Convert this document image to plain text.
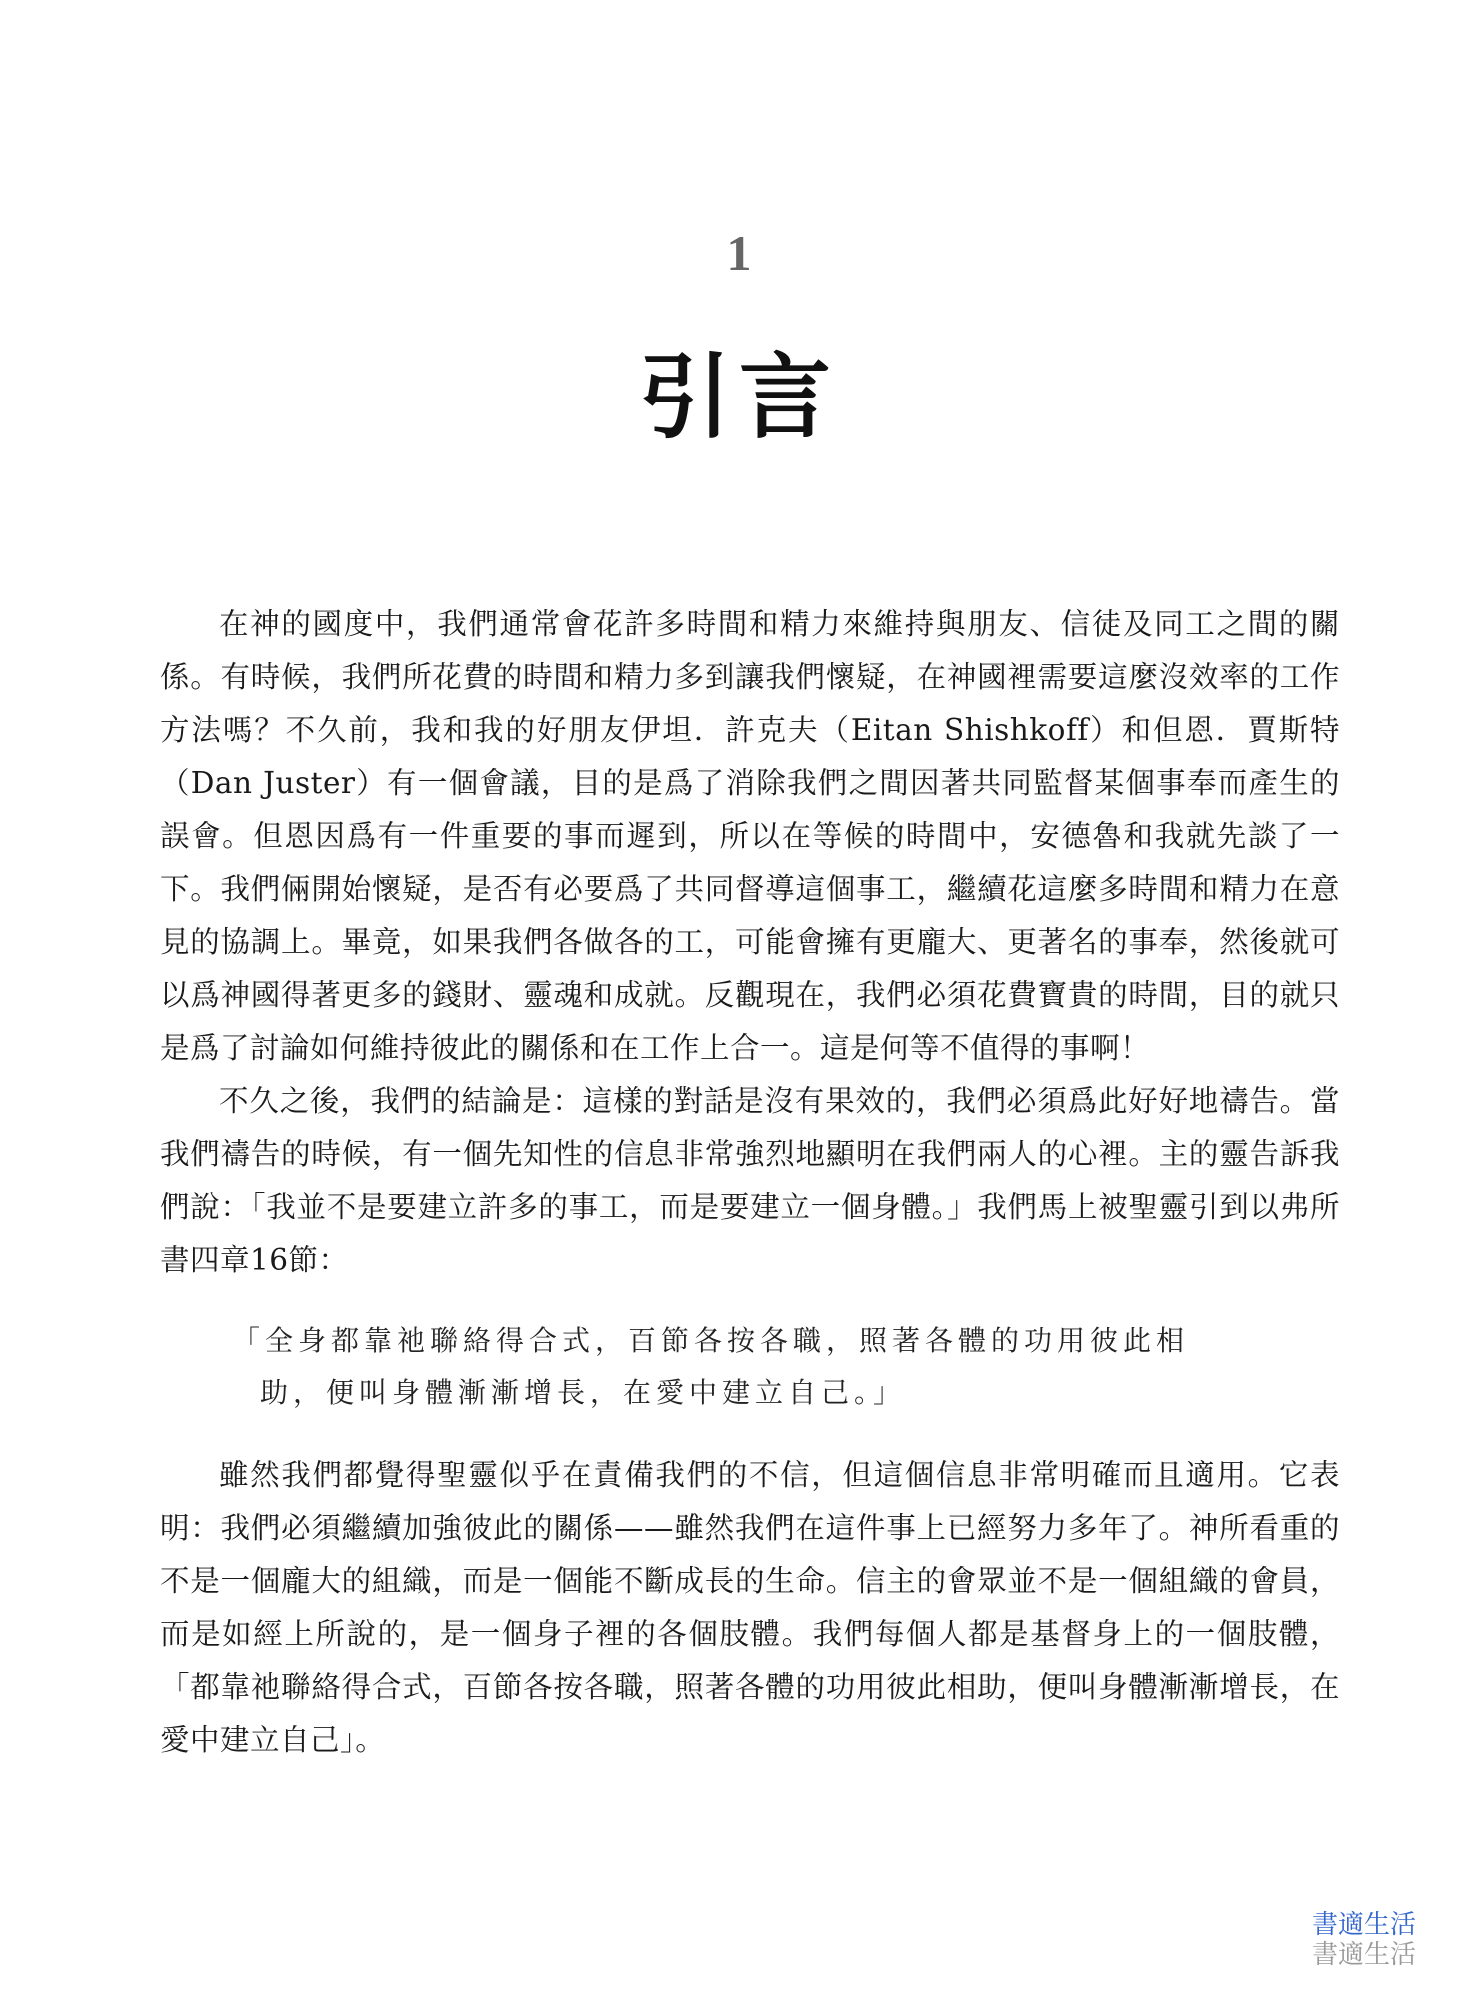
1
引言

在神的國度中，我們通常會花許多時間和精力來維持與朋友、信徒及同工之間的關係。有時候，我們所花費的時間和精力多到讓我們懷疑，在神國裡需要這麼沒效率的工作方法嗎？不久前，我和我的好朋友伊坦．許克夫（Eitan Shishkoff）和但恩．賈斯特（Dan Juster）有一個會議，目的是爲了消除我們之間因著共同監督某個事奉而產生的誤會。但恩因爲有一件重要的事而遲到，所以在等候的時間中，安德魯和我就先談了一下。我們倆開始懷疑，是否有必要爲了共同督導這個事工，繼續花這麼多時間和精力在意見的協調上。畢竟，如果我們各做各的工，可能會擁有更龐大、更著名的事奉，然後就可以爲神國得著更多的錢財、靈魂和成就。反觀現在，我們必須花費寶貴的時間，目的就只是爲了討論如何維持彼此的關係和在工作上合一。這是何等不值得的事啊！

不久之後，我們的結論是：這樣的對話是沒有果效的，我們必須爲此好好地禱告。當我們禱告的時候，有一個先知性的信息非常強烈地顯明在我們兩人的心裡。主的靈告訴我們說：「我並不是要建立許多的事工，而是要建立一個身體。」我們馬上被聖靈引到以弗所書四章16節：

「全身都靠祂聯絡得合式，百節各按各職，照著各體的功用彼此相
助，便叫身體漸漸增長，在愛中建立自己。」

雖然我們都覺得聖靈似乎在責備我們的不信，但這個信息非常明確而且適用。它表明：我們必須繼續加強彼此的關係——雖然我們在這件事上已經努力多年了。神所看重的不是一個龐大的組織，而是一個能不斷成長的生命。信主的會眾並不是一個組織的會員，而是如經上所說的，是一個身子裡的各個肢體。我們每個人都是基督身上的一個肢體，「都靠祂聯絡得合式，百節各按各職，照著各體的功用彼此相助，便叫身體漸漸增長，在愛中建立自己」。

書適生活
書適生活
